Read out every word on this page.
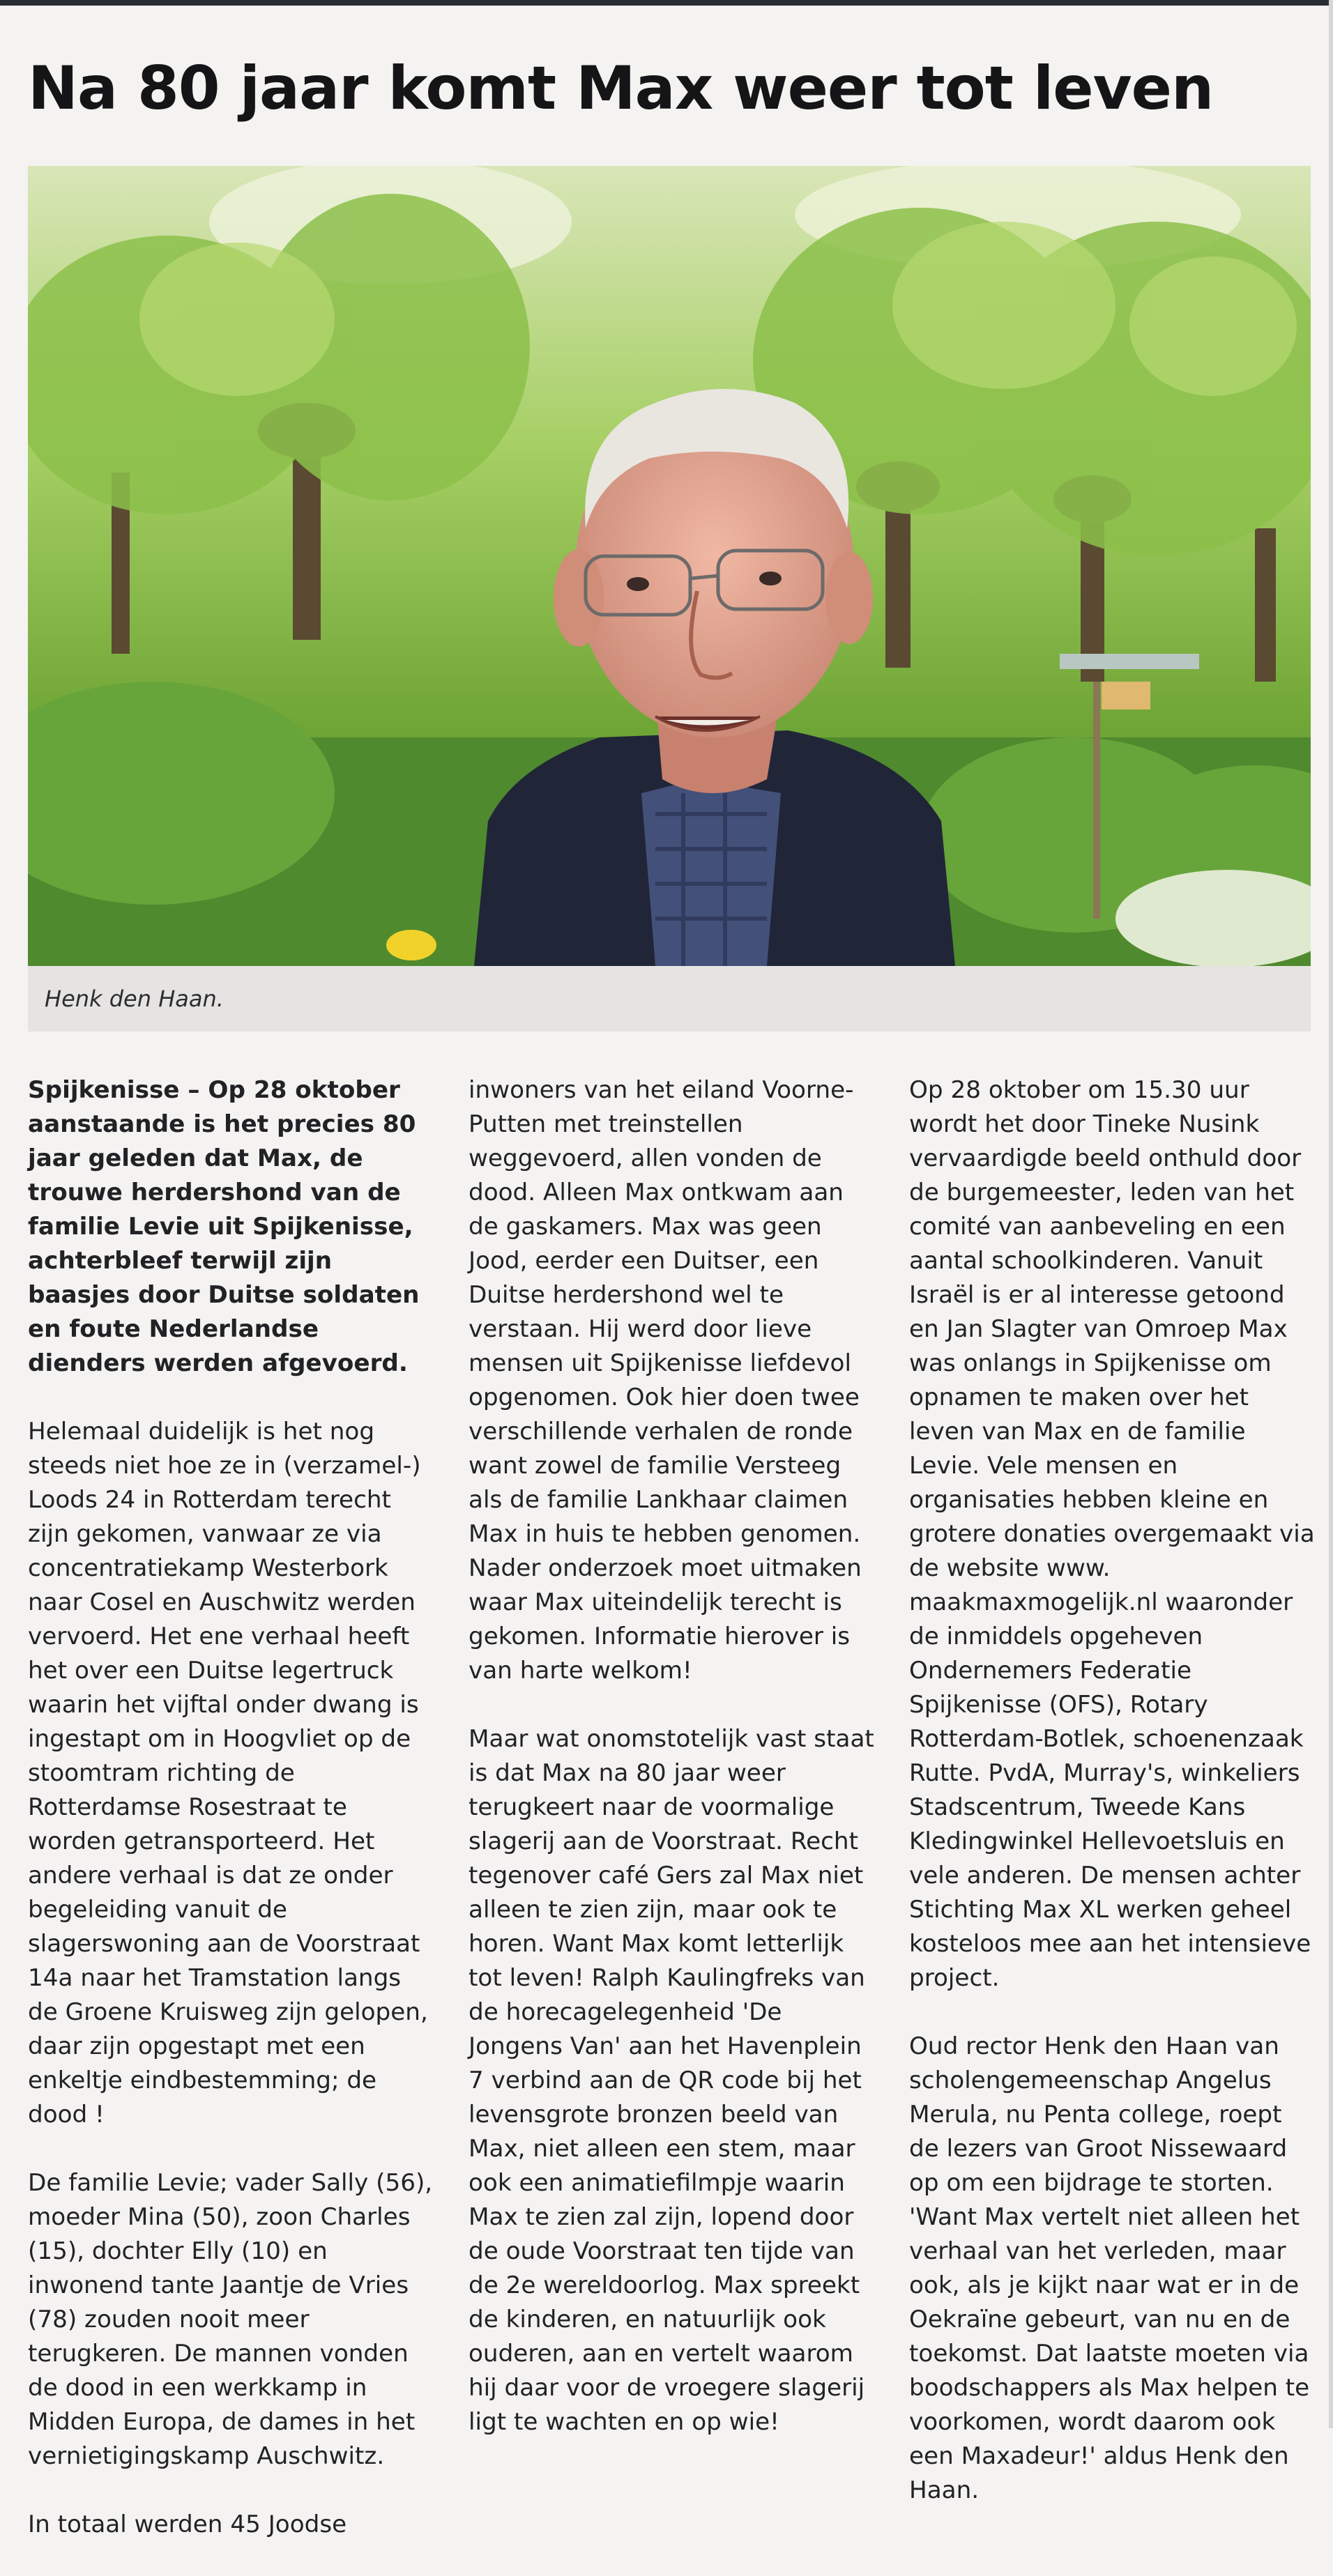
Na 80 jaar komt Max weer tot leven
Henk den Haan.

Spijkenisse – Op 28 oktober aanstaande is het precies 80 jaar geleden dat Max, de trouwe herdershond van de familie Levie uit Spijkenisse, achterbleef terwijl zijn baasjes door Duitse soldaten en foute Nederlandse dienders werden afgevoerd.

Helemaal duidelijk is het nog steeds niet hoe ze in (verzamel-) Loods 24 in Rotterdam terecht zijn gekomen, vanwaar ze via concentratiekamp Westerbork naar Cosel en Auschwitz werden vervoerd. Het ene verhaal heeft het over een Duitse legertruck waarin het vijftal onder dwang is ingestapt om in Hoogvliet op de stoomtram richting de Rotterdamse Rosestraat te worden getransporteerd. Het andere verhaal is dat ze onder begeleiding vanuit de slagerswoning aan de Voorstraat 14a naar het Tramstation langs de Groene Kruisweg zijn gelopen, daar zijn opgestapt met een enkeltje eindbestemming; de dood !

De familie Levie; vader Sally (56), moeder Mina (50), zoon Charles (15), dochter Elly (10) en inwonend tante Jaantje de Vries (78) zouden nooit meer terugkeren. De mannen vonden de dood in een werkkamp in Midden Europa, de dames in het vernietigingskamp Auschwitz.

In totaal werden 45 Joodse

inwoners van het eiland Voorne-Putten met treinstellen weggevoerd, allen vonden de dood. Alleen Max ontkwam aan de gaskamers. Max was geen Jood, eerder een Duitser, een Duitse herdershond wel te verstaan. Hij werd door lieve mensen uit Spijkenisse liefdevol opgenomen. Ook hier doen twee verschillende verhalen de ronde want zowel de familie Versteeg als de familie Lankhaar claimen Max in huis te hebben genomen. Nader onderzoek moet uitmaken waar Max uiteindelijk terecht is gekomen. Informatie hierover is van harte welkom!

Maar wat onomstotelijk vast staat is dat Max na 80 jaar weer terugkeert naar de voormalige slagerij aan de Voorstraat. Recht tegenover café Gers zal Max niet alleen te zien zijn, maar ook te horen. Want Max komt letterlijk tot leven! Ralph Kaulingfreks van de horecagelegenheid 'De Jongens Van' aan het Havenplein 7 verbind aan de QR code bij het levensgrote bronzen beeld van Max, niet alleen een stem, maar ook een animatiefilmpje waarin Max te zien zal zijn, lopend door de oude Voorstraat ten tijde van de 2e wereldoorlog. Max spreekt de kinderen, en natuurlijk ook ouderen, aan en vertelt waarom hij daar voor de vroegere slagerij ligt te wachten en op wie!

Op 28 oktober om 15.30 uur wordt het door Tineke Nusink vervaardigde beeld onthuld door de burgemeester, leden van het comité van aanbeveling en een aantal schoolkinderen. Vanuit Israël is er al interesse getoond en Jan Slagter van Omroep Max was onlangs in Spijkenisse om opnamen te maken over het leven van Max en de familie Levie. Vele mensen en organisaties hebben kleine en grotere donaties overgemaakt via de website www. maakmaxmogelijk.nl waaronder de inmiddels opgeheven Ondernemers Federatie Spijkenisse (OFS), Rotary Rotterdam-Botlek, schoenenzaak Rutte. PvdA, Murray's, winkeliers Stadscentrum, Tweede Kans Kledingwinkel Hellevoetsluis en vele anderen. De mensen achter Stichting Max XL werken geheel kosteloos mee aan het intensieve project.

Oud rector Henk den Haan van scholengemeenschap Angelus Merula, nu Penta college, roept de lezers van Groot Nissewaard op om een bijdrage te storten. 'Want Max vertelt niet alleen het verhaal van het verleden, maar ook, als je kijkt naar wat er in de Oekraïne gebeurt, van nu en de toekomst. Dat laatste moeten via boodschappers als Max helpen te voorkomen, wordt daarom ook een Maxadeur!' aldus Henk den Haan.
